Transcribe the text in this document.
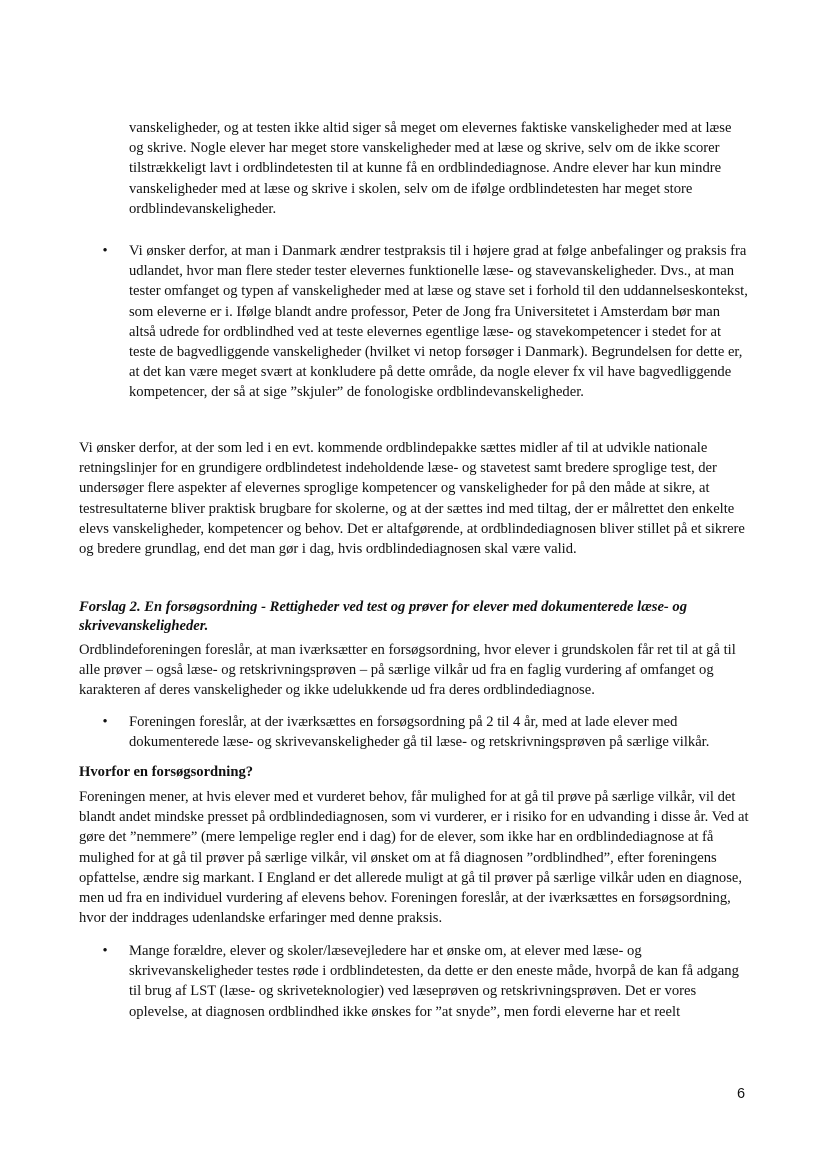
vanskeligheder, og at testen ikke altid siger så meget om elevernes faktiske vanskeligheder med at læse og skrive. Nogle elever har meget store vanskeligheder med at læse og skrive, selv om de ikke scorer tilstrækkeligt lavt i ordblindetesten til at kunne få en ordblindediagnose. Andre elever har kun mindre vanskeligheder med at læse og skrive i skolen, selv om de ifølge ordblindetesten har meget store ordblindevanskeligheder.

• Vi ønsker derfor, at man i Danmark ændrer testpraksis til i højere grad at følge anbefalinger og praksis fra udlandet, hvor man flere steder tester elevernes funktionelle læse- og stavevanskeligheder. Dvs., at man tester omfanget og typen af vanskeligheder med at læse og stave set i forhold til den uddannelseskontekst, som eleverne er i. Ifølge blandt andre professor, Peter de Jong fra Universitetet i Amsterdam bør man altså udrede for ordblindhed ved at teste elevernes egentlige læse- og stavekompetencer i stedet for at teste de bagvedliggende vanskeligheder (hvilket vi netop forsøger i Danmark). Begrundelsen for dette er, at det kan være meget svært at konkludere på dette område, da nogle elever fx vil have bagvedliggende kompetencer, der så at sige ”skjuler” de fonologiske ordblindevanskeligheder.

Vi ønsker derfor, at der som led i en evt. kommende ordblindepakke sættes midler af til at udvikle nationale retningslinjer for en grundigere ordblindetest indeholdende læse- og stavetest samt bredere sproglige test, der undersøger flere aspekter af elevernes sproglige kompetencer og vanskeligheder for på den måde at sikre, at testresultaterne bliver praktisk brugbare for skolerne, og at der sættes ind med tiltag, der er målrettet den enkelte elevs vanskeligheder, kompetencer og behov. Det er altafgørende, at ordblindediagnosen bliver stillet på et sikrere og bredere grundlag, end det man gør i dag, hvis ordblindediagnosen skal være valid.

Forslag 2. En forsøgsordning - Rettigheder ved test og prøver for elever med dokumenterede læse- og skrivevanskeligheder.

Ordblindeforeningen foreslår, at man iværksætter en forsøgsordning, hvor elever i grundskolen får ret til at gå til alle prøver – også læse- og retskrivningsprøven – på særlige vilkår ud fra en faglig vurdering af omfanget og karakteren af deres vanskeligheder og ikke udelukkende ud fra deres ordblindediagnose.

• Foreningen foreslår, at der iværksættes en forsøgsordning på 2 til 4 år, med at lade elever med dokumenterede læse- og skrivevanskeligheder gå til læse- og retskrivningsprøven på særlige vilkår.

Hvorfor en forsøgsordning?

Foreningen mener, at hvis elever med et vurderet behov, får mulighed for at gå til prøve på særlige vilkår, vil det blandt andet mindske presset på ordblindediagnosen, som vi vurderer, er i risiko for en udvanding i disse år. Ved at gøre det ”nemmere” (mere lempelige regler end i dag) for de elever, som ikke har en ordblindediagnose at få mulighed for at gå til prøver på særlige vilkår, vil ønsket om at få diagnosen ”ordblindhed”, efter foreningens opfattelse, ændre sig markant. I England er det allerede muligt at gå til prøver på særlige vilkår uden en diagnose, men ud fra en individuel vurdering af elevens behov. Foreningen foreslår, at der iværksættes en forsøgsordning, hvor der inddrages udenlandske erfaringer med denne praksis.

• Mange forældre, elever og skoler/læsevejledere har et ønske om, at elever med læse- og skrivevanskeligheder testes røde i ordblindetesten, da dette er den eneste måde, hvorpå de kan få adgang til brug af LST (læse- og skriveteknologier) ved læseprøven og retskrivningsprøven. Det er vores oplevelse, at diagnosen ordblindhed ikke ønskes for ”at snyde”, men fordi eleverne har et reelt

6
